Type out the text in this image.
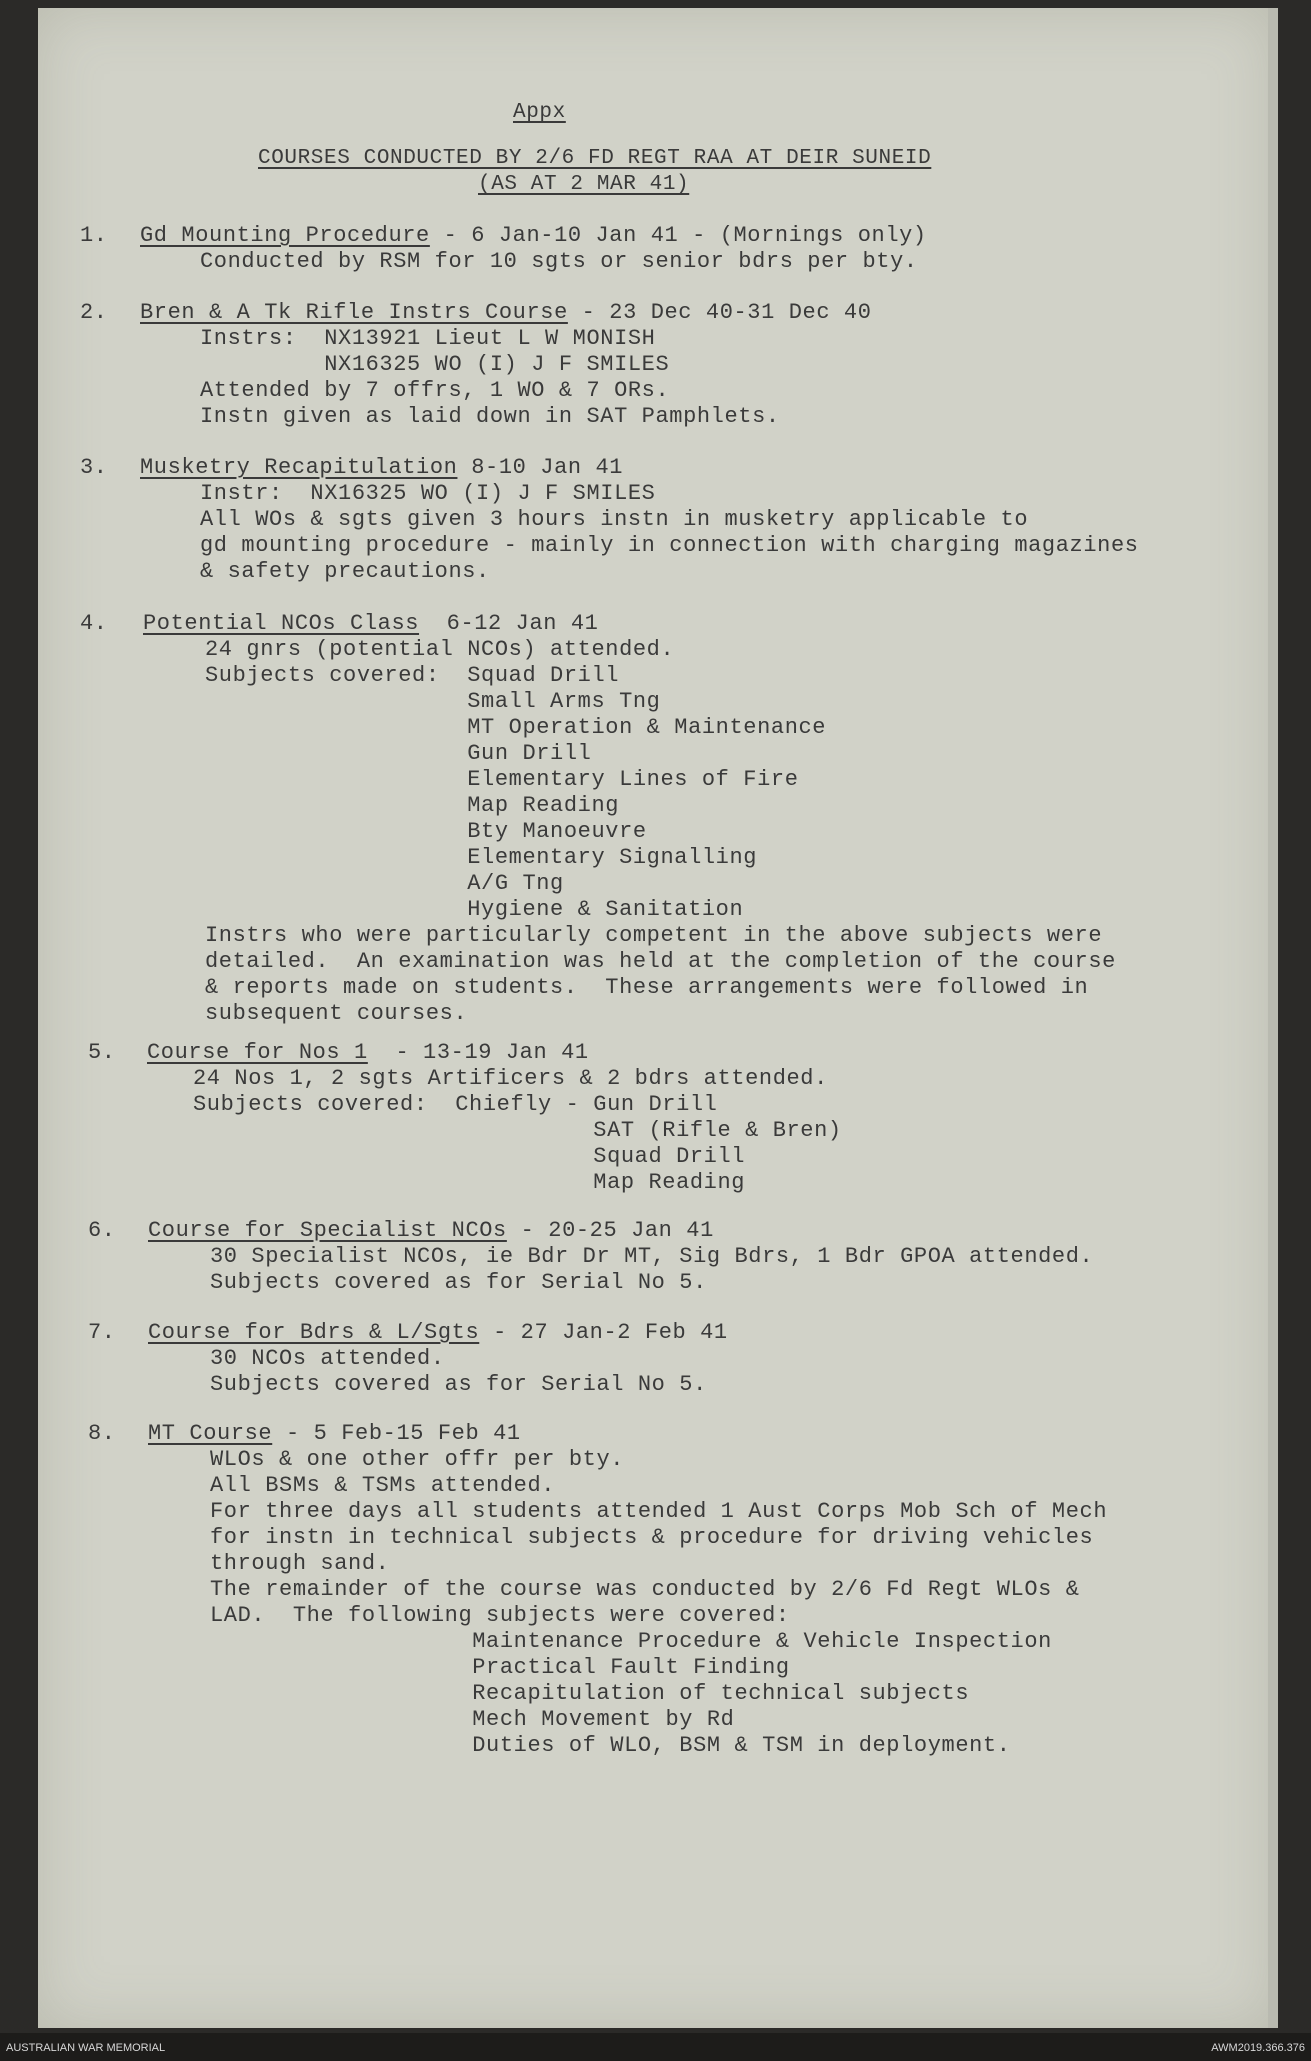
Appx
COURSES CONDUCTED BY 2/6 FD REGT RAA AT DEIR SUNEID
(AS AT 2 MAR 41)
1. Gd Mounting Procedure - 6 Jan-10 Jan 41 - (Mornings only)
Conducted by RSM for 10 sgts or senior bdrs per bty.
2. Bren & A Tk Rifle Instrs Course - 23 Dec 40-31 Dec 40
Instrs:  NX13921 Lieut L W MONISH
NX16325 WO (I) J F SMILES
Attended by 7 offrs, 1 WO & 7 ORs.
Instn given as laid down in SAT Pamphlets.
3. Musketry Recapitulation 8-10 Jan 41
Instr:  NX16325 WO (I) J F SMILES
All WOs & sgts given 3 hours instn in musketry applicable to
gd mounting procedure - mainly in connection with charging magazines
& safety precautions.
4. Potential NCOs Class  6-12 Jan 41
24 gnrs (potential NCOs) attended.
Subjects covered:  Squad Drill
Small Arms Tng
MT Operation & Maintenance
Gun Drill
Elementary Lines of Fire
Map Reading
Bty Manoeuvre
Elementary Signalling
A/G Tng
Hygiene & Sanitation
Instrs who were particularly competent in the above subjects were
detailed.  An examination was held at the completion of the course
& reports made on students.  These arrangements were followed in
subsequent courses.
5. Course for Nos 1  - 13-19 Jan 41
24 Nos 1, 2 sgts Artificers & 2 bdrs attended.
Subjects covered:  Chiefly - Gun Drill
SAT (Rifle & Bren)
Squad Drill
Map Reading
6. Course for Specialist NCOs - 20-25 Jan 41
30 Specialist NCOs, ie Bdr Dr MT, Sig Bdrs, 1 Bdr GPOA attended.
Subjects covered as for Serial No 5.
7. Course for Bdrs & L/Sgts - 27 Jan-2 Feb 41
30 NCOs attended.
Subjects covered as for Serial No 5.
8. MT Course - 5 Feb-15 Feb 41
WLOs & one other offr per bty.
All BSMs & TSMs attended.
For three days all students attended 1 Aust Corps Mob Sch of Mech
for instn in technical subjects & procedure for driving vehicles
through sand.
The remainder of the course was conducted by 2/6 Fd Regt WLOs &
LAD.  The following subjects were covered:
Maintenance Procedure & Vehicle Inspection
Practical Fault Finding
Recapitulation of technical subjects
Mech Movement by Rd
Duties of WLO, BSM & TSM in deployment.
AUSTRALIAN WAR MEMORIAL	AWM2019.366.376
